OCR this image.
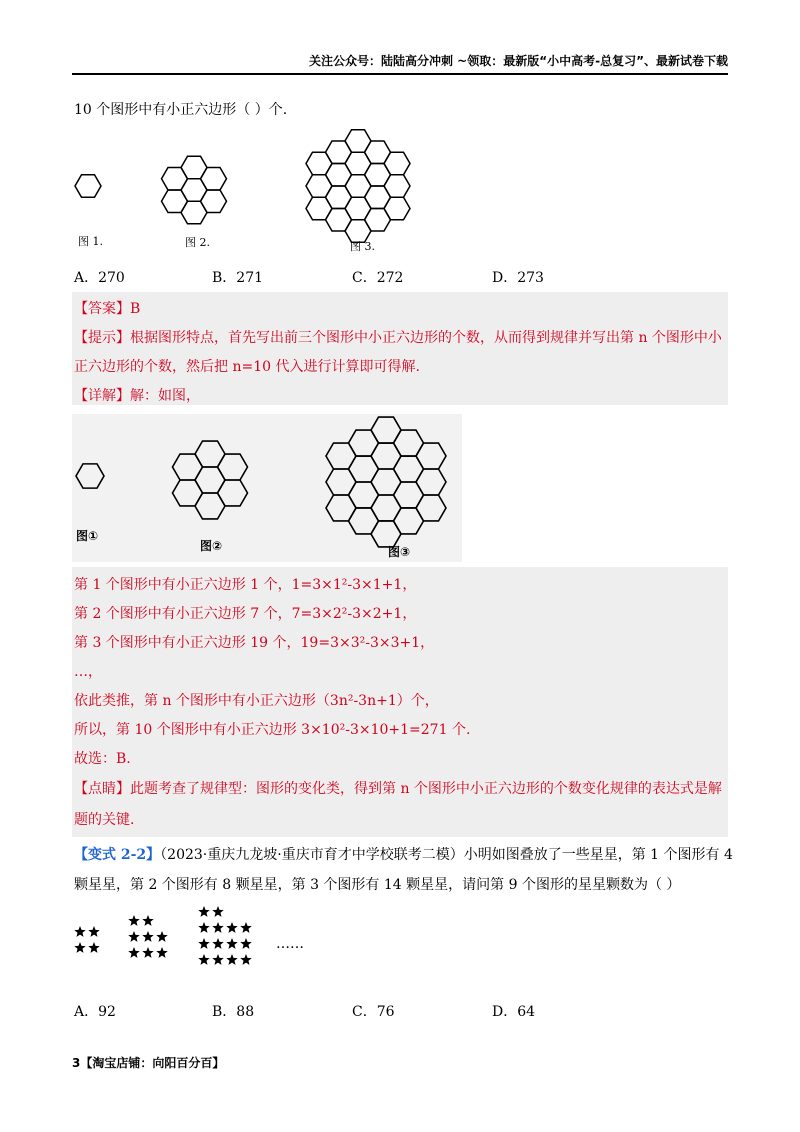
关注公众号：陆陆高分冲刺 ~领取：最新版“小中高考-总复习”、最新试卷下载
10 个图形中有小正六边形（ ）个.
图 1.	图 2.	图 3.
A．270	B．271	C．272	D．273
【答案】B
【提示】根据图形特点，首先写出前三个图形中小正六边形的个数，从而得到规律并写出第 n 个图形中小
正六边形的个数，然后把 n=10 代入进行计算即可得解.
【详解】解：如图，
图①
图②	图③
第 1 个图形中有小正六边形 1 个，1=3×1²-3×1+1，
第 2 个图形中有小正六边形 7 个，7=3×2²-3×2+1，
第 3 个图形中有小正六边形 19 个，19=3×3²-3×3+1，
…，
依此类推，第 n 个图形中有小正六边形（3n²-3n+1）个，
所以，第 10 个图形中有小正六边形 3×10²-3×10+1=271 个.
故选：B.
【点睛】此题考查了规律型：图形的变化类，得到第 n 个图形中小正六边形的个数变化规律的表达式是解
题的关键.
【变式 2-2】（2023·重庆九龙坡·重庆市育才中学校联考二模）小明如图叠放了一些星星，第 1 个图形有 4
颗星星，第 2 个图形有 8 颗星星，第 3 个图形有 14 颗星星，请问第 9 个图形的星星颗数为（ ）
……
A．92	B．88	C．76	D．64
3【淘宝店铺：向阳百分百】
